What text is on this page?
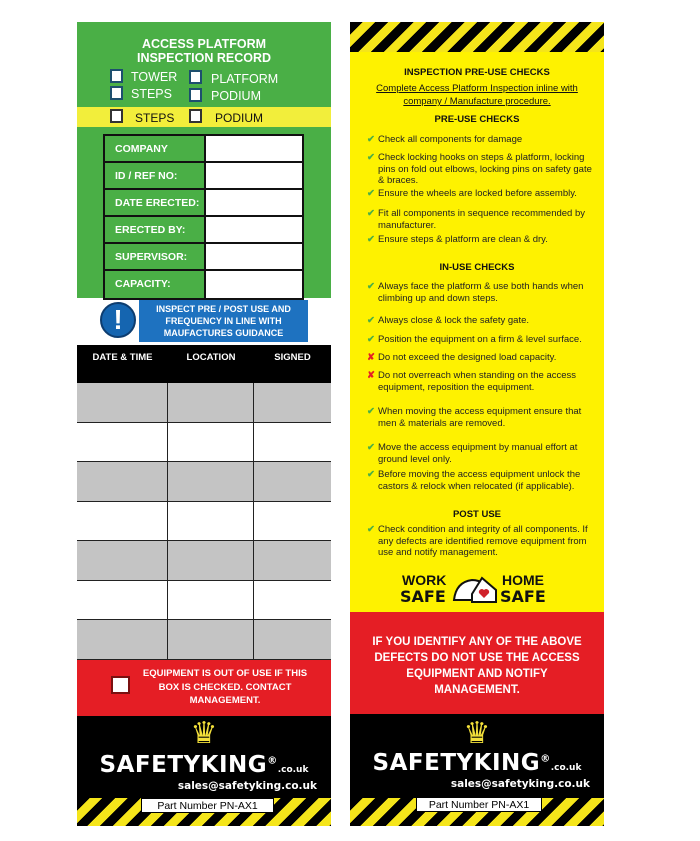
ACCESS PLATFORM
INSPECTION RECORD
TOWER	PLATFORM
STEPS	PODIUM
STEPS	PODIUM
COMPANY
ID / REF NO:
DATE ERECTED:
ERECTED BY:
SUPERVISOR:
CAPACITY:
!	INSPECT PRE / POST USE AND FREQUENCY IN LINE WITH MAUFACTURES GUIDANCE
DATE & TIME	LOCATION	SIGNED
EQUIPMENT IS OUT OF USE IF THIS BOX IS CHECKED. CONTACT MANAGEMENT.
♛
SAFETYKING®.co.uk
sales@safetyking.co.uk
Part Number PN-AX1
INSPECTION PRE-USE CHECKS
Complete Access Platform Inspection inline with company / Manufacture procedure.
PRE-USE CHECKS
✔ Check all components for damage
✔ Check locking hooks on steps & platform, locking pins on fold out elbows, locking pins on safety gate & braces.
✔ Ensure the wheels are locked before assembly.
✔ Fit all components in sequence recommended by manufacturer.
✔ Ensure steps & platform are clean & dry.
IN-USE CHECKS
✔ Always face the platform & use both hands when climbing up and down steps.
✔ Always close & lock the safety gate.
✔ Position the equipment on a firm & level surface.
✘ Do not exceed the designed load capacity.
✘ Do not overreach when standing on the access equipment, reposition the equipment.
✔ When moving the access equipment ensure that men & materials are removed.
✔ Move the access equipment by manual effort at ground level only.
✔ Before moving the access equipment unlock the castors & relock when relocated (if applicable).
POST USE
✔ Check condition and integrity of all components. If any defects are identified remove equipment from use and notify management.
WORK
SAFE
HOME
SAFE
IF YOU IDENTIFY ANY OF THE ABOVE DEFECTS DO NOT USE THE ACCESS EQUIPMENT AND NOTIFY MANAGEMENT.
♛
SAFETYKING®.co.uk
sales@safetyking.co.uk
Part Number PN-AX1
